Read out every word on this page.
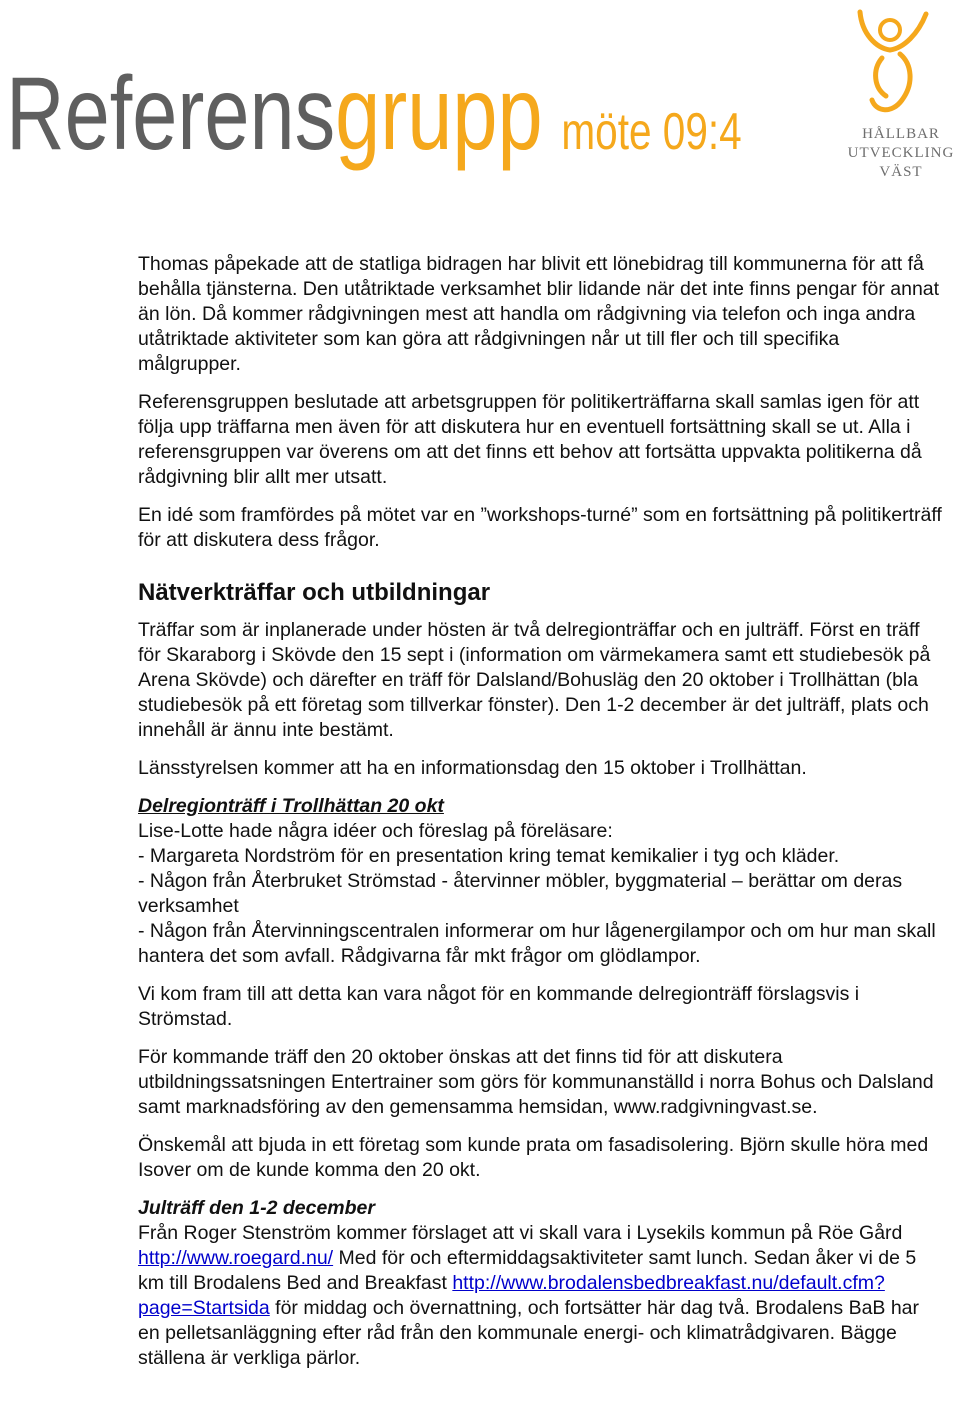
Referensgrupp möte 09:4	HÅLLBAR
UTVECKLING
VÄST

Thomas påpekade att de statliga bidragen har blivit ett lönebidrag till kommunerna för att få behålla tjänsterna. Den utåtriktade verksamhet blir lidande när det inte finns pengar för annat än lön. Då kommer rådgivningen mest att handla om rådgivning via telefon och inga andra utåtriktade aktiviteter som kan göra att rådgivningen når ut till fler och till specifika målgrupper.

Referensgruppen beslutade att arbetsgruppen för politikerträffarna skall samlas igen för att följa upp träffarna men även för att diskutera hur en eventuell fortsättning skall se ut. Alla i referensgruppen var överens om att det finns ett behov att fortsätta uppvakta politikerna då rådgivning blir allt mer utsatt.

En idé som framfördes på mötet var en ”workshops-turné” som en fortsättning på politikerträff för att diskutera dess frågor.

Nätverkträffar och utbildningar

Träffar som är inplanerade under hösten är två delregionträffar och en julträff. Först en träff för Skaraborg i Skövde den 15 sept i (information om värmekamera samt ett studiebesök på Arena Skövde) och därefter en träff för Dalsland/Bohusläg den 20 oktober i Trollhättan (bla studiebesök på ett företag som tillverkar fönster). Den 1-2 december är det julträff, plats och innehåll är ännu inte bestämt.

Länsstyrelsen kommer att ha en informationsdag den 15 oktober i Trollhättan.

Delregionträff i Trollhättan 20 okt

Lise-Lotte hade några idéer och föreslag på föreläsare:
- Margareta Nordström för en presentation kring temat kemikalier i tyg och kläder.
- Någon från Återbruket Strömstad - återvinner möbler, byggmaterial – berättar om deras verksamhet
- Någon från Återvinningscentralen informerar om hur lågenergilampor och om hur man skall hantera det som avfall. Rådgivarna får mkt frågor om glödlampor.

Vi kom fram till att detta kan vara något för en kommande delregionträff förslagsvis i Strömstad.

För kommande träff den 20 oktober önskas att det finns tid för att diskutera utbildningssatsningen Entertrainer som görs för kommunanställd i norra Bohus och Dalsland samt marknadsföring av den gemensamma hemsidan, www.radgivningvast.se.

Önskemål att bjuda in ett företag som kunde prata om fasadisolering. Björn skulle höra med Isover om de kunde komma den 20 okt.

Julträff den 1-2 december

Från Roger Stenström kommer förslaget att vi skall vara i Lysekils kommun på Röe Gård http://www.roegard.nu/ Med för och eftermiddagsaktiviteter samt lunch. Sedan åker vi de 5 km till Brodalens Bed and Breakfast http://www.brodalensbedbreakfast.nu/default.cfm?page=Startsida för middag och övernattning, och fortsätter här dag två. Brodalens BaB har en pelletsanläggning efter råd från den kommunale energi- och klimatrådgivaren. Bägge ställena är verkliga pärlor.
